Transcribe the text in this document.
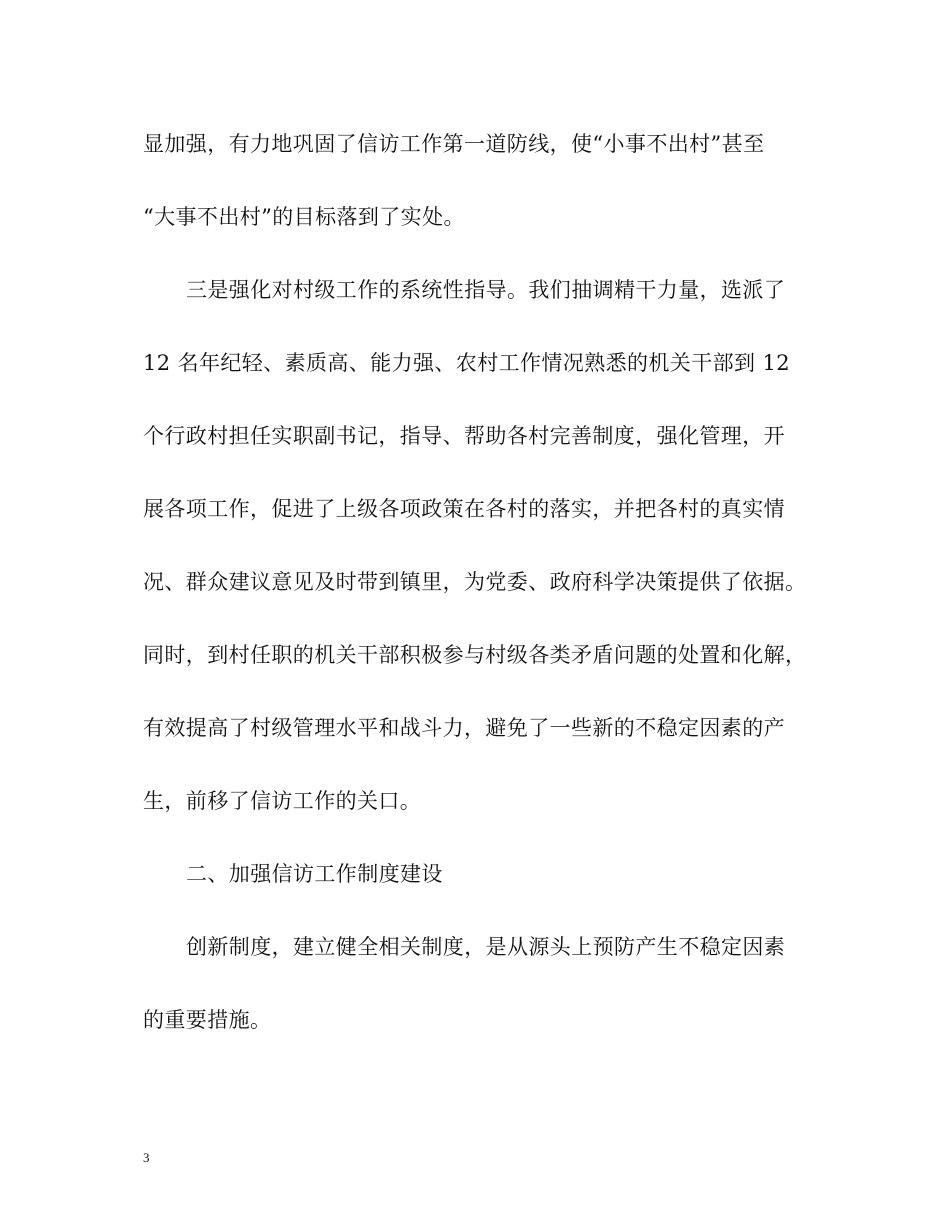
显加强，有力地巩固了信访工作第一道防线，使“小事不出村”甚至
“大事不出村”的目标落到了实处。
三是强化对村级工作的系统性指导。我们抽调精干力量，选派了
12 名年纪轻、素质高、能力强、农村工作情况熟悉的机关干部到 12
个行政村担任实职副书记，指导、帮助各村完善制度，强化管理，开
展各项工作，促进了上级各项政策在各村的落实，并把各村的真实情
况、群众建议意见及时带到镇里，为党委、政府科学决策提供了依据。
同时，到村任职的机关干部积极参与村级各类矛盾问题的处置和化解，
有效提高了村级管理水平和战斗力，避免了一些新的不稳定因素的产
生，前移了信访工作的关口。
二、加强信访工作制度建设
创新制度，建立健全相关制度，是从源头上预防产生不稳定因素
的重要措施。
3
